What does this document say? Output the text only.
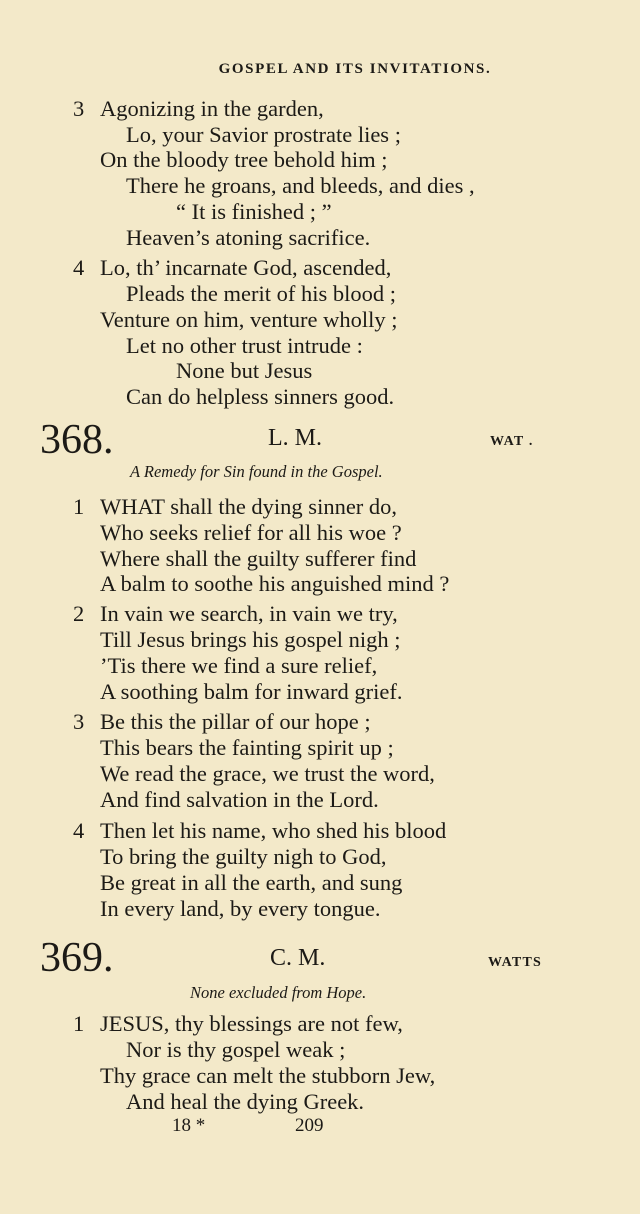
GOSPEL AND ITS INVITATIONS.
3 Agonizing in the garden,
Lo, your Savior prostrate lies ;
On the bloody tree behold him ;
There he groans, and bleeds, and dies ,
“ It is finished ; ”
Heaven’s atoning sacrifice.
4 Lo, th’ incarnate God, ascended,
Pleads the merit of his blood ;
Venture on him, venture wholly ;
Let no other trust intrude :
None but Jesus
Can do helpless sinners good.
368.	L. M.	WAT .
A Remedy for Sin found in the Gospel.
1 WHAT shall the dying sinner do,
Who seeks relief for all his woe ?
Where shall the guilty sufferer find
A balm to soothe his anguished mind ?
2 In vain we search, in vain we try,
Till Jesus brings his gospel nigh ;
’Tis there we find a sure relief,
A soothing balm for inward grief.
3 Be this the pillar of our hope ;
This bears the fainting spirit up ;
We read the grace, we trust the word,
And find salvation in the Lord.
4 Then let his name, who shed his blood
To bring the guilty nigh to God,
Be great in all the earth, and sung
In every land, by every tongue.
369.	C. M.	WATTS
None excluded from Hope.
1 JESUS, thy blessings are not few,
Nor is thy gospel weak ;
Thy grace can melt the stubborn Jew,
And heal the dying Greek.
18 *	209
